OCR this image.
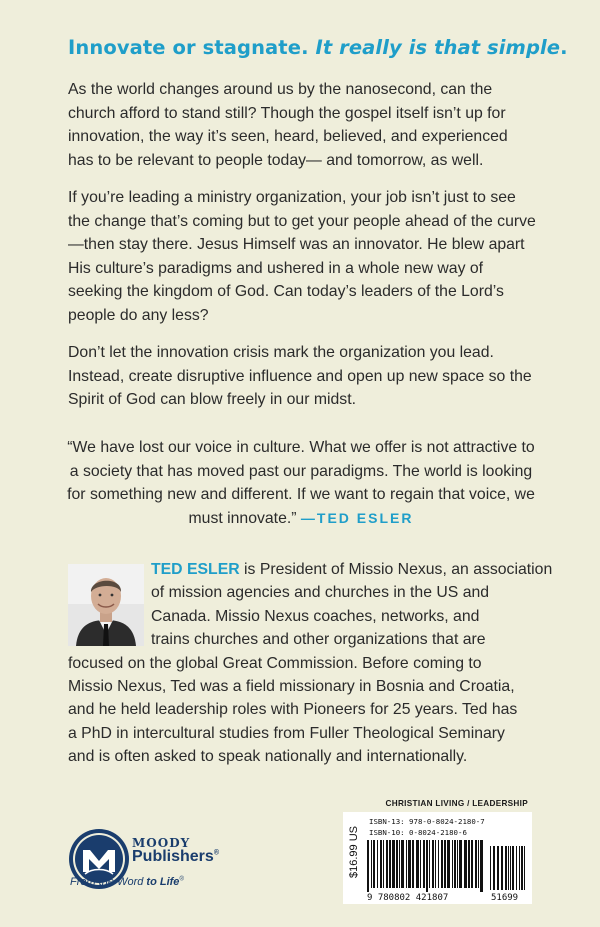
Innovate or stagnate. It really is that simple.

As the world changes around us by the nanosecond, can the church afford to stand still? Though the gospel itself isn’t up for innovation, the way it’s seen, heard, believed, and experienced has to be relevant to people today— and tomorrow, as well.

If you’re leading a ministry organization, your job isn’t just to see the change that’s coming but to get your people ahead of the curve—then stay there. Jesus Himself was an innovator. He blew apart His culture’s paradigms and ushered in a whole new way of seeking the kingdom of God. Can today’s leaders of the Lord’s people do any less?

Don’t let the innovation crisis mark the organization you lead. Instead, create disruptive influence and open up new space so the Spirit of God can blow freely in our midst.

“We have lost our voice in culture. What we offer is not attractive to a society that has moved past our paradigms. The world is looking for something new and different. If we want to regain that voice, we must innovate.” —TED ESLER
TED ESLER is President of Missio Nexus, an association
of mission agencies and churches in the US and
Canada. Missio Nexus coaches, networks, and
trains churches and other organizations that are
focused on the global Great Commission. Before coming to
Missio Nexus, Ted was a field missionary in Bosnia and Croatia,
and he held leadership roles with Pioneers for 25 years. Ted has
a PhD in intercultural studies from Fuller Theological Seminary
and is often asked to speak nationally and internationally.
CHRISTIAN LIVING / LEADERSHIP
$16.99 US
ISBN-13: 978-0-8024-2180-7
ISBN-10: 0-8024-2180-6
9 780802 421807	51699
MOODY
Publishers®
From the Word to Life®
